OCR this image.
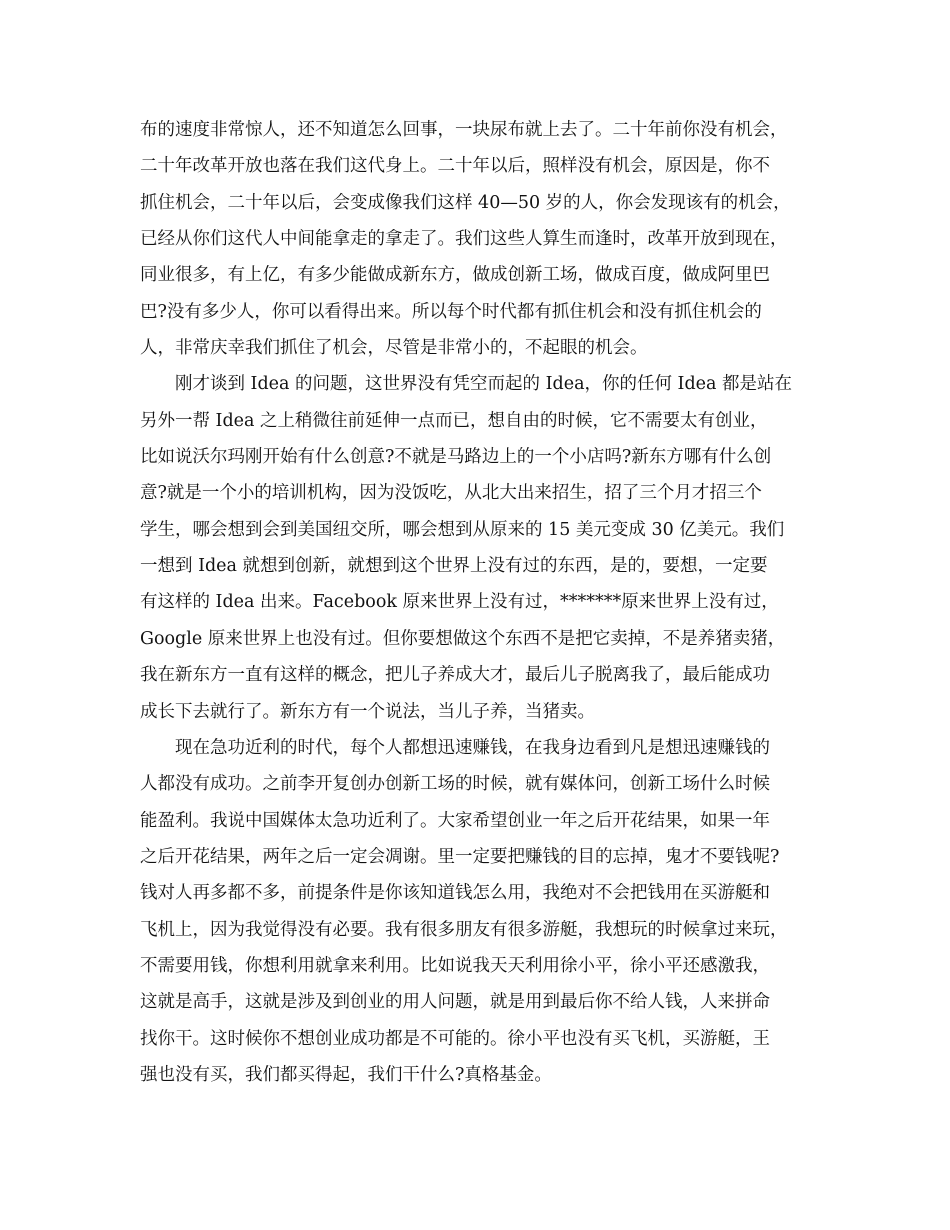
布的速度非常惊人，还不知道怎么回事，一块尿布就上去了。二十年前你没有机会，
二十年改革开放也落在我们这代身上。二十年以后，照样没有机会，原因是，你不
抓住机会，二十年以后，会变成像我们这样 40—50 岁的人，你会发现该有的机会，
已经从你们这代人中间能拿走的拿走了。我们这些人算生而逢时，改革开放到现在，
同业很多，有上亿，有多少能做成新东方，做成创新工场，做成百度，做成阿里巴
巴?没有多少人，你可以看得出来。所以每个时代都有抓住机会和没有抓住机会的
人，非常庆幸我们抓住了机会，尽管是非常小的，不起眼的机会。
刚才谈到 Idea 的问题，这世界没有凭空而起的 Idea，你的任何 Idea 都是站在
另外一帮 Idea 之上稍微往前延伸一点而已，想自由的时候，它不需要太有创业，
比如说沃尔玛刚开始有什么创意?不就是马路边上的一个小店吗?新东方哪有什么创
意?就是一个小的培训机构，因为没饭吃，从北大出来招生，招了三个月才招三个
学生，哪会想到会到美国纽交所，哪会想到从原来的 15 美元变成 30 亿美元。我们
一想到 Idea 就想到创新，就想到这个世界上没有过的东西，是的，要想，一定要
有这样的 Idea 出来。Facebook 原来世界上没有过，*******原来世界上没有过，
Google 原来世界上也没有过。但你要想做这个东西不是把它卖掉，不是养猪卖猪，
我在新东方一直有这样的概念，把儿子养成大才，最后儿子脱离我了，最后能成功
成长下去就行了。新东方有一个说法，当儿子养，当猪卖。
现在急功近利的时代，每个人都想迅速赚钱，在我身边看到凡是想迅速赚钱的
人都没有成功。之前李开复创办创新工场的时候，就有媒体问，创新工场什么时候
能盈利。我说中国媒体太急功近利了。大家希望创业一年之后开花结果，如果一年
之后开花结果，两年之后一定会凋谢。里一定要把赚钱的目的忘掉，鬼才不要钱呢?
钱对人再多都不多，前提条件是你该知道钱怎么用，我绝对不会把钱用在买游艇和
飞机上，因为我觉得没有必要。我有很多朋友有很多游艇，我想玩的时候拿过来玩，
不需要用钱，你想利用就拿来利用。比如说我天天利用徐小平，徐小平还感激我，
这就是高手，这就是涉及到创业的用人问题，就是用到最后你不给人钱，人来拼命
找你干。这时候你不想创业成功都是不可能的。徐小平也没有买飞机，买游艇，王
强也没有买，我们都买得起，我们干什么?真格基金。
